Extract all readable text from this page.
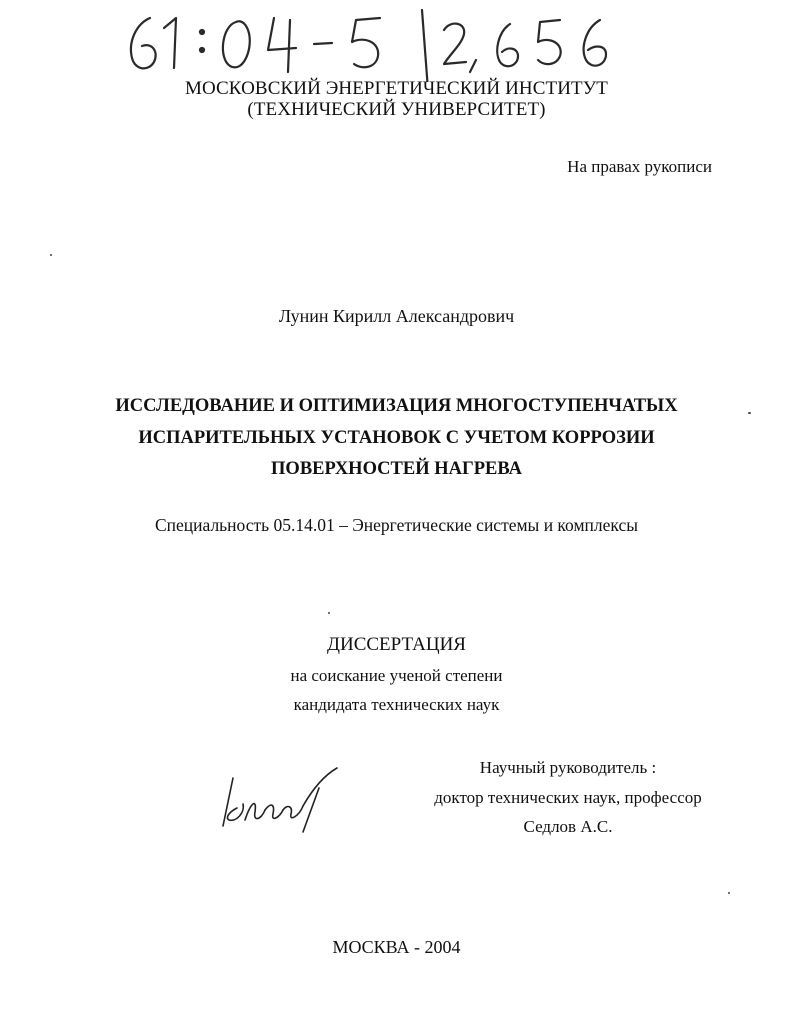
МОСКОВСКИЙ ЭНЕРГЕТИЧЕСКИЙ ИНСТИТУТ
(ТЕХНИЧЕСКИЙ УНИВЕРСИТЕТ)
На правах рукописи
Лунин Кирилл Александрович
ИССЛЕДОВАНИЕ И ОПТИМИЗАЦИЯ МНОГОСТУПЕНЧАТЫХ
ИСПАРИТЕЛЬНЫХ УСТАНОВОК С УЧЕТОМ КОРРОЗИИ
ПОВЕРХНОСТЕЙ НАГРЕВА
Специальность 05.14.01 – Энергетические системы и комплексы
ДИССЕРТАЦИЯ
на соискание ученой степени
кандидата технических наук
Научный руководитель :
доктор технических наук, профессор
Седлов А.С.
МОСКВА - 2004
